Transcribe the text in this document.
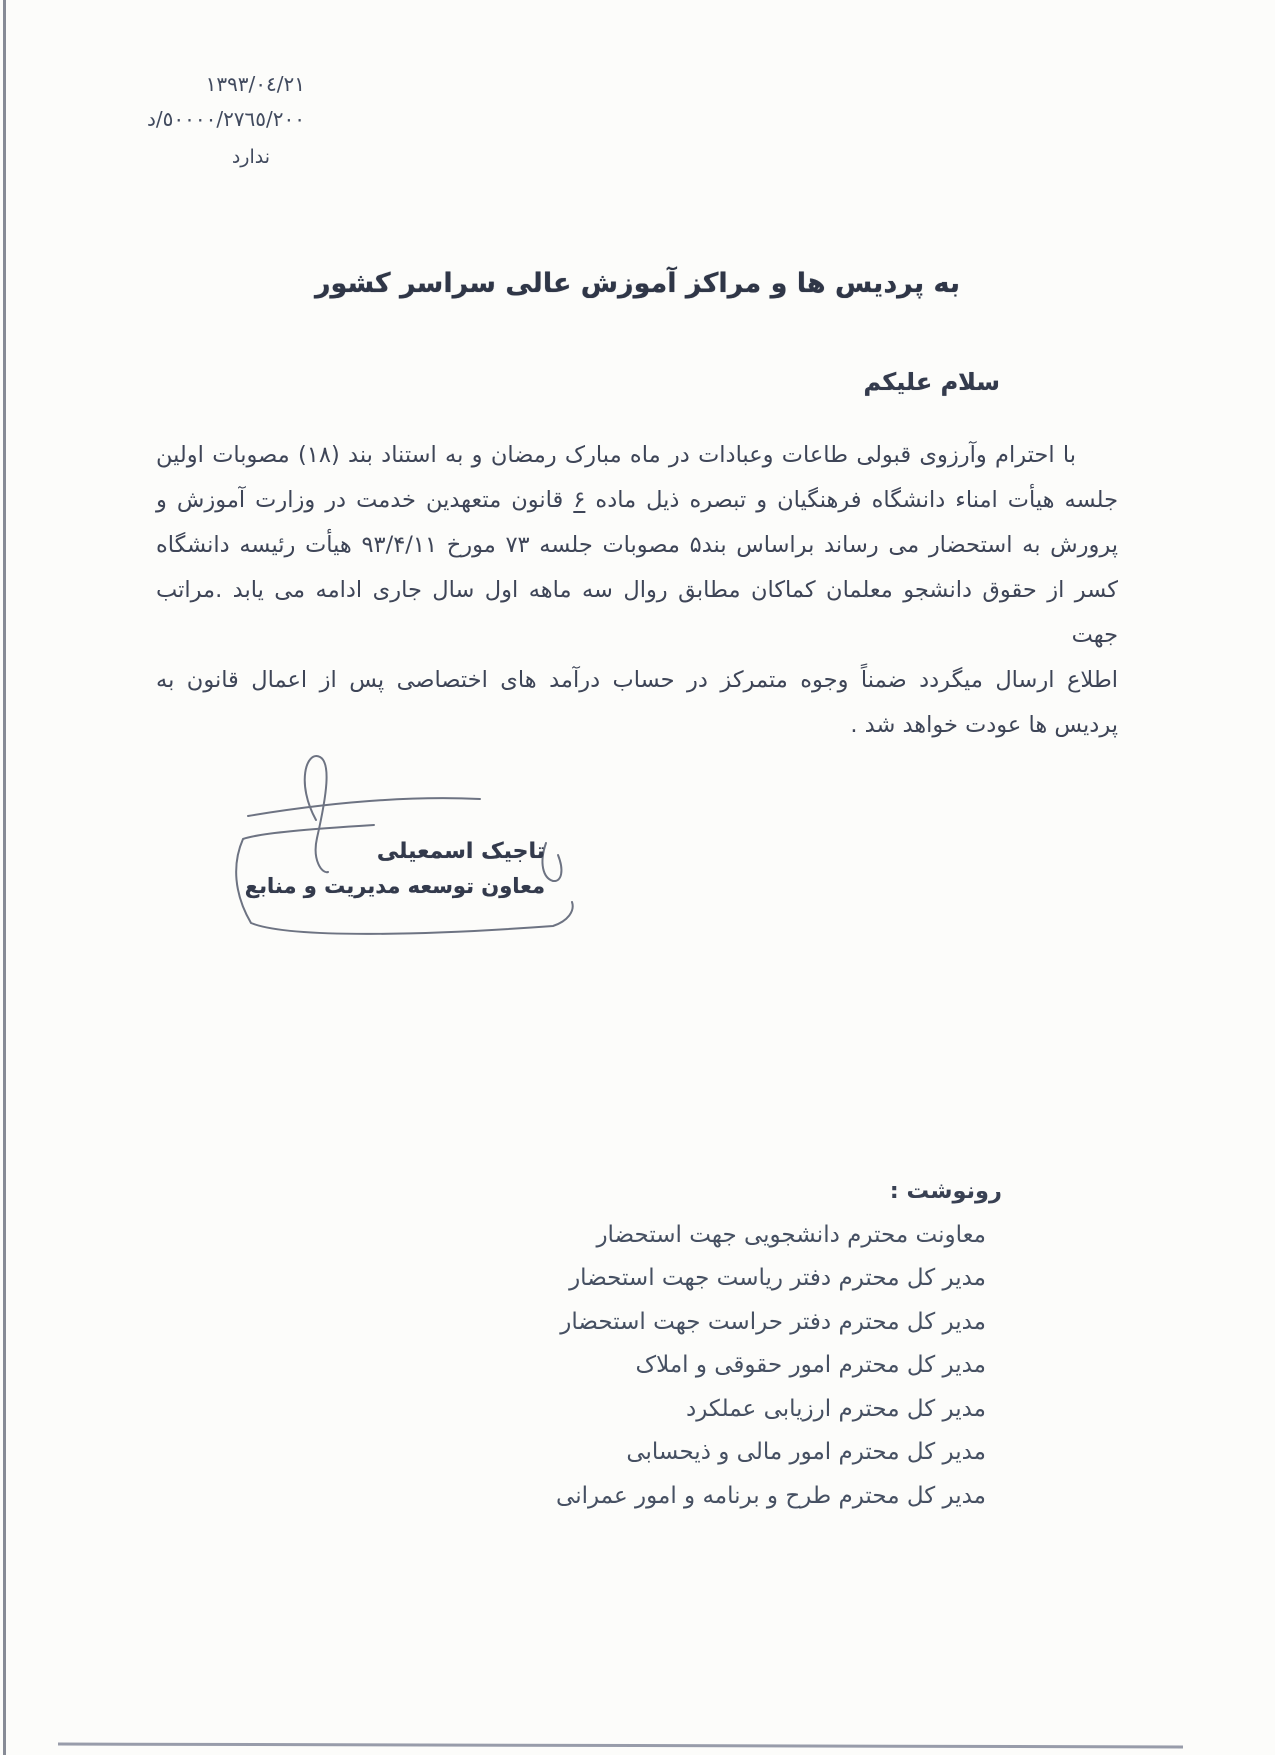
١٣٩٣/٠٤/٢١
د/٥٠٠٠٠/٢٧٦٥/٢٠٠
ندارد
به پردیس ها و مراکز آموزش عالی سراسر کشور
سلام علیکم
با احترام وآرزوی قبولی طاعات وعبادات در ماه مبارک رمضان و به استناد بند (۱۸) مصوبات اولین
جلسه هیأت امناء دانشگاه فرهنگیان و تبصره ذیل ماده ۶ قانون متعهدین خدمت در وزارت آموزش و
پرورش به استحضار می رساند براساس بند۵ مصوبات جلسه ۷۳ مورخ ۹۳/۴/۱۱ هیأت رئیسه دانشگاه
کسر از حقوق دانشجو معلمان کماکان مطابق روال سه ماهه اول سال جاری ادامه می یابد .مراتب جهت
اطلاع ارسال میگردد ضمناً وجوه متمرکز در حساب درآمد های اختصاصی پس از اعمال قانون به
پردیس ها عودت خواهد شد .
تاجیک اسمعیلی
معاون توسعه مدیریت و منابع
رونوشت :
معاونت محترم دانشجویی جهت استحضار
مدیر کل محترم دفتر ریاست جهت استحضار
مدیر کل محترم دفتر حراست جهت استحضار
مدیر کل محترم امور حقوقی و املاک
مدیر کل محترم ارزیابی عملکرد
مدیر کل محترم امور مالی و ذیحسابی
مدیر کل محترم طرح و برنامه و امور عمرانی
